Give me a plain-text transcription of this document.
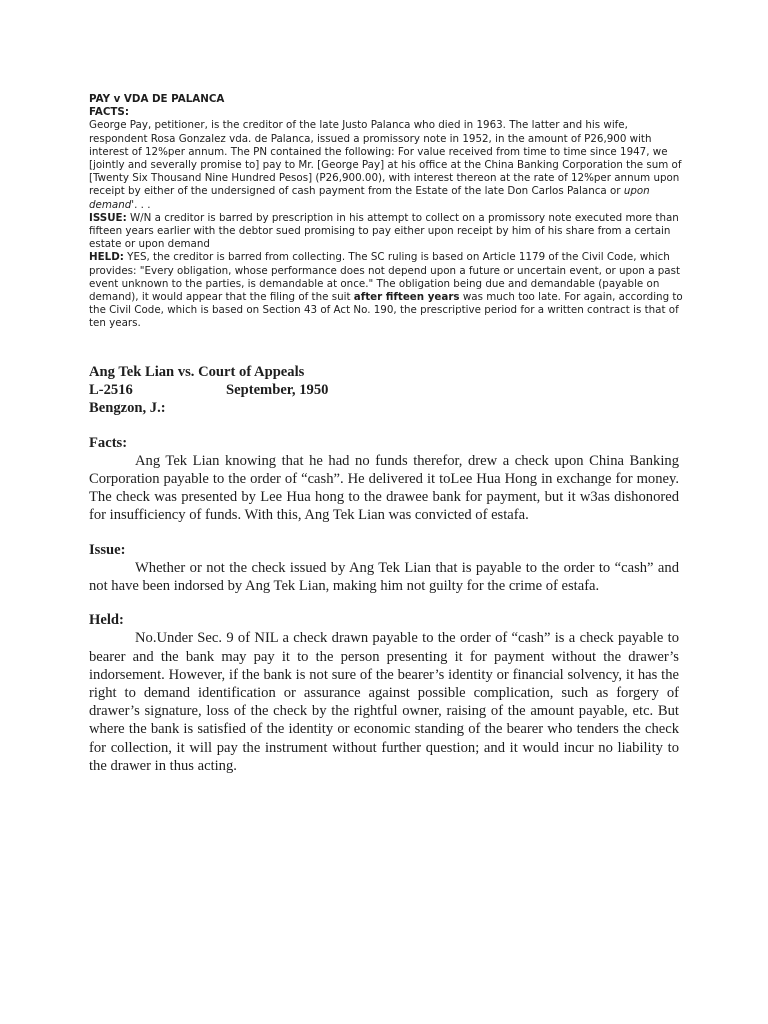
PAY v VDA DE PALANCA

FACTS:

George Pay, petitioner, is the creditor of the late Justo Palanca who died in 1963. The latter and his wife, respondent Rosa Gonzalez vda. de Palanca, issued a promissory note in 1952, in the amount of P26,900 with interest of 12%per annum. The PN contained the following: For value received from time to time since 1947, we [jointly and severally promise to] pay to Mr. [George Pay] at his office at the China Banking Corporation the sum of [Twenty Six Thousand Nine Hundred Pesos] (P26,900.00), with interest thereon at the rate of 12%per annum upon receipt by either of the undersigned of cash payment from the Estate of the late Don Carlos Palanca or upon demand'. . .

ISSUE: W/N a creditor is barred by prescription in his attempt to collect on a promissory note executed more than fifteen years earlier with the debtor sued promising to pay either upon receipt by him of his share from a certain estate or upon demand

HELD: YES, the creditor is barred from collecting. The SC ruling is based on Article 1179 of the Civil Code, which provides: "Every obligation, whose performance does not depend upon a future or uncertain event, or upon a past event unknown to the parties, is demandable at once." The obligation being due and demandable (payable on demand), it would appear that the filing of the suit after fifteen years was much too late. For again, according to

the Civil Code, which is based on Section 43 of Act No. 190, the prescriptive period for a written contract is that of ten years.

Ang Tek Lian vs. Court of Appeals

L-2516	September, 1950

Bengzon, J.:

Facts:

Ang Tek Lian knowing that he had no funds therefor, drew a check upon China Banking Corporation payable to the order of “cash”. He delivered it toLee Hua Hong in exchange for money. The check was presented by Lee Hua hong to the drawee bank for payment, but it w3as dishonored for insufficiency of funds. With this, Ang Tek Lian was convicted of estafa.

Issue:

Whether or not the check issued by Ang Tek Lian that is payable to the order to “cash” and not have been indorsed by Ang Tek Lian, making him not guilty for the crime of estafa.

Held:

No.Under Sec. 9 of NIL a check drawn payable to the order of “cash” is a check payable to bearer and the bank may pay it to the person presenting it for payment without the drawer’s indorsement. However, if the bank is not sure of the bearer’s identity or financial solvency, it has the right to demand identification or assurance against possible complication, such as forgery of drawer’s signature, loss of the check by the rightful owner, raising of the amount payable, etc. But where the bank is satisfied of the identity or economic standing of the bearer who tenders the check for collection, it will pay the instrument without further question; and it would incur no liability to the drawer in thus acting.
